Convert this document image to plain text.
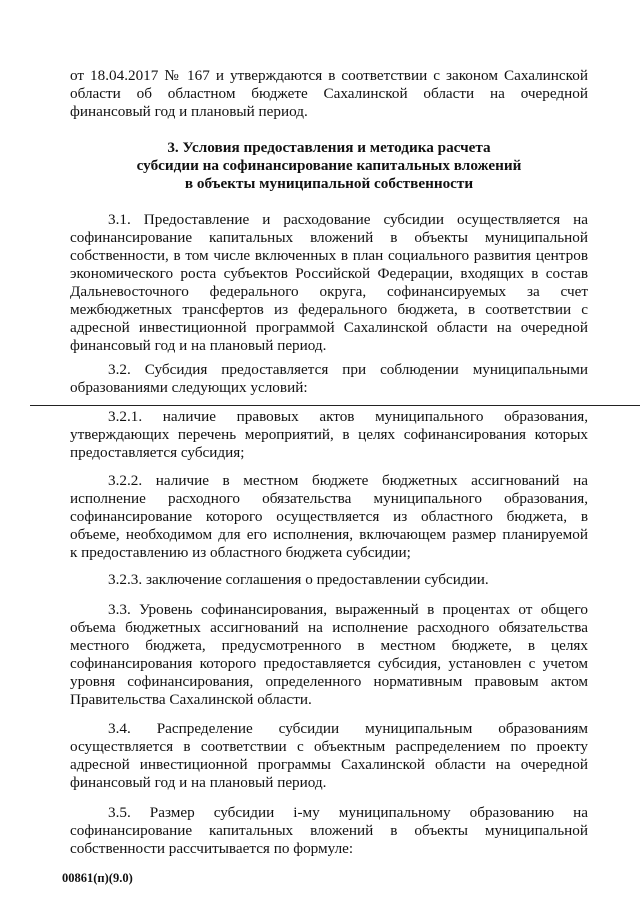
от 18.04.2017 № 167 и утверждаются в соответствии с законом Сахалинской
области об областном бюджете Сахалинской области на очередной
финансовый год и плановый период.
3. Условия предоставления и методика расчета
субсидии на софинансирование капитальных вложений
в объекты муниципальной собственности
3.1. Предоставление и расходование субсидии осуществляется на
софинансирование капитальных вложений в объекты муниципальной
собственности, в том числе включенных в план социального развития центров
экономического роста субъектов Российской Федерации, входящих в состав
Дальневосточного федерального округа, софинансируемых за счет
межбюджетных трансфертов из федерального бюджета, в соответствии с
адресной инвестиционной программой Сахалинской области на очередной
финансовый год и на плановый период.
3.2. Субсидия предоставляется при соблюдении муниципальными
образованиями следующих условий:
3.2.1. наличие правовых актов муниципального образования,
утверждающих перечень мероприятий, в целях софинансирования которых
предоставляется субсидия;
3.2.2. наличие в местном бюджете бюджетных ассигнований на
исполнение расходного обязательства муниципального образования,
софинансирование которого осуществляется из областного бюджета, в
объеме, необходимом для его исполнения, включающем размер планируемой
к предоставлению из областного бюджета субсидии;
3.2.3. заключение соглашения о предоставлении субсидии.
3.3. Уровень софинансирования, выраженный в процентах от общего
объема бюджетных ассигнований на исполнение расходного обязательства
местного бюджета, предусмотренного в местном бюджете, в целях
софинансирования которого предоставляется субсидия, установлен с учетом
уровня софинансирования, определенного нормативным правовым актом
Правительства Сахалинской области.
3.4. Распределение субсидии муниципальным образованиям
осуществляется в соответствии с объектным распределением по проекту
адресной инвестиционной программы Сахалинской области на очередной
финансовый год и на плановый период.
3.5. Размер субсидии i-му муниципальному образованию на
софинансирование капитальных вложений в объекты муниципальной
собственности рассчитывается по формуле:
00861(п)(9.0)
